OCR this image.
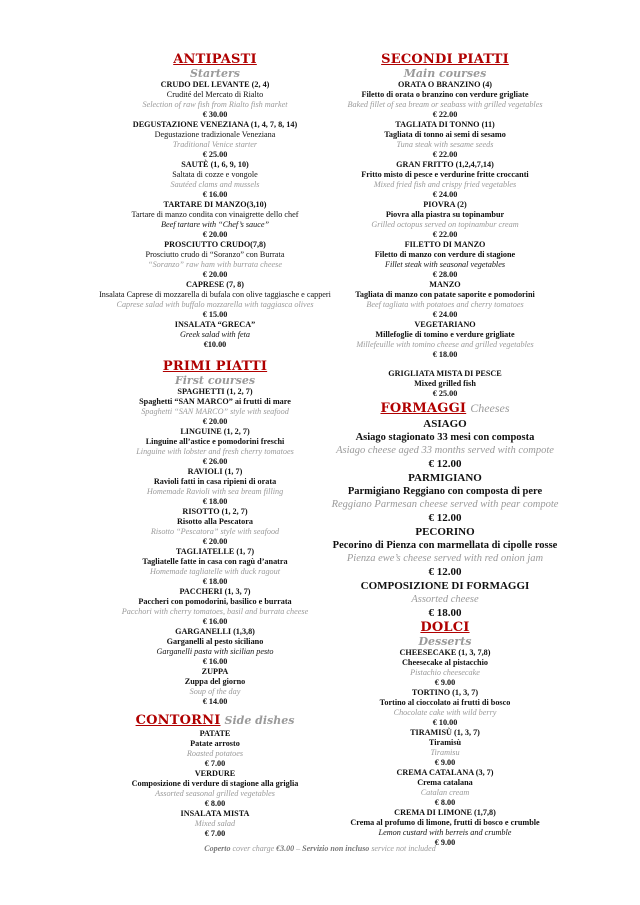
ANTIPASTI
Starters
CRUDO DEL LEVANTE (2, 4)
Crudité del Mercato di Rialto
Selection of raw fish from Rialto fish market
€ 30.00
DEGUSTAZIONE VENEZIANA (1, 4, 7, 8, 14)
Degustazione tradizionale Veneziana
Traditional Venice starter
€ 25.00
SAUTÈ (1, 6, 9, 10)
Saltata di cozze e vongole
Sautéed clams and mussels
€ 16.00
TARTARE DI MANZO(3,10)
Tartare di manzo condita con vinaigrette dello chef
Beef tartare with “Chef’s sauce”
€ 20.00
PROSCIUTTO CRUDO(7,8)
Prosciutto crudo di “Soranzo” con Burrata
“Soranzo” raw ham with burrata cheese
€ 20.00
CAPRESE (7, 8)
Insalata Caprese di mozzarella di bufala con olive taggiasche e capperi
Caprese salad with buffalo mozzarella with taggiasca olives
€ 15.00
INSALATA “GRECA”
Greek salad with feta
€10.00
PRIMI PIATTI
First courses
SPAGHETTI (1, 2, 7)
Spaghetti “SAN MARCO” ai frutti di mare
Spaghetti “SAN MARCO” style with seafood
€ 20.00
LINGUINE (1, 2, 7)
Linguine all’astice e pomodorini freschi
Linguine with lobster and fresh cherry tomatoes
€ 26.00
RAVIOLI (1, 7)
Ravioli fatti in casa ripieni di orata
Homemade Ravioli with sea bream filling
€ 18.00
RISOTTO (1, 2, 7)
Risotto alla Pescatora
Risotto “Pescatora” style with seafood
€ 20.00
TAGLIATELLE (1, 7)
Tagliatelle fatte in casa con ragù d’anatra
Homemade tagliatelle with duck ragout
€ 18.00
PACCHERI (1, 3, 7)
Paccheri con pomodorini, basilico e burrata
Pacchori with cherry tomatoes, basil and burrata cheese
€ 16.00
GARGANELLI (1,3,8)
Garganelli al pesto siciliano
Garganelli pasta with sicilian pesto
€ 16.00
ZUPPA
Zuppa del giorno
Soup of the day
€ 14.00
CONTORNI Side dishes
PATATE
Patate arrosto
Roasted potatoes
€ 7.00
VERDURE
Composizione di verdure di stagione alla griglia
Assorted seasonal grilled vegetables
€ 8.00
INSALATA MISTA
Mixed salad
€ 7.00
SECONDI PIATTI
Main courses
ORATA O BRANZINO (4)
Filetto di orata o branzino con verdure grigliate
Baked fillet of sea bream or seabass with grilled vegetables
€ 22.00
TAGLIATA DI TONNO (11)
Tagliata di tonno ai semi di sesamo
Tuna steak with sesame seeds
€ 22.00
GRAN FRITTO (1,2,4,7,14)
Fritto misto di pesce e verdurine fritte croccanti
Mixed fried fish and crispy fried vegetables
€ 24.00
PIOVRA (2)
Piovra alla piastra su topinambur
Grilled octopus served on topinambur cream
€ 22.00
FILETTO DI MANZO
Filetto di manzo con verdure di stagione
Fillet steak with seasonal vegetables
€ 28.00
MANZO
Tagliata di manzo con patate saporite e pomodorini
Beef tagliata with potatoes and cherry tomatoes
€ 24.00
VEGETARIANO
Millefoglie di tomino e verdure grigliate
Millefeuille with tomino cheese and grilled vegetables
€ 18.00
GRIGLIATA MISTA DI PESCE
Mixed grilled fish
€ 25.00
FORMAGGI Cheeses
ASIAGO
Asiago stagionato 33 mesi con composta
Asiago cheese aged 33 months served with compote
€ 12.00
PARMIGIANO
Parmigiano Reggiano con composta di pere
Reggiano Parmesan cheese served with pear compote
€ 12.00
PECORINO
Pecorino di Pienza con marmellata di cipolle rosse
Pienza ewe’s cheese served with red onion jam
€ 12.00
COMPOSIZIONE DI FORMAGGI
Assorted cheese
€ 18.00
DOLCI
Desserts
CHEESECAKE (1, 3, 7,8)
Cheesecake al pistacchio
Pistachio cheesecake
€ 9.00
TORTINO (1, 3, 7)
Tortino al cioccolato ai frutti di bosco
Chocolate cake with wild berry
€ 10.00
TIRAMISÙ (1, 3, 7)
Tiramisù
Tiramisu
€ 9.00
CREMA CATALANA (3, 7)
Crema catalana
Catalan cream
€ 8.00
CREMA DI LIMONE (1,7,8)
Crema al profumo di limone, frutti di bosco e crumble
Lemon custard with berreis and crumble
€ 9.00
Coperto cover charge €3.00 – Servizio non incluso service not included
